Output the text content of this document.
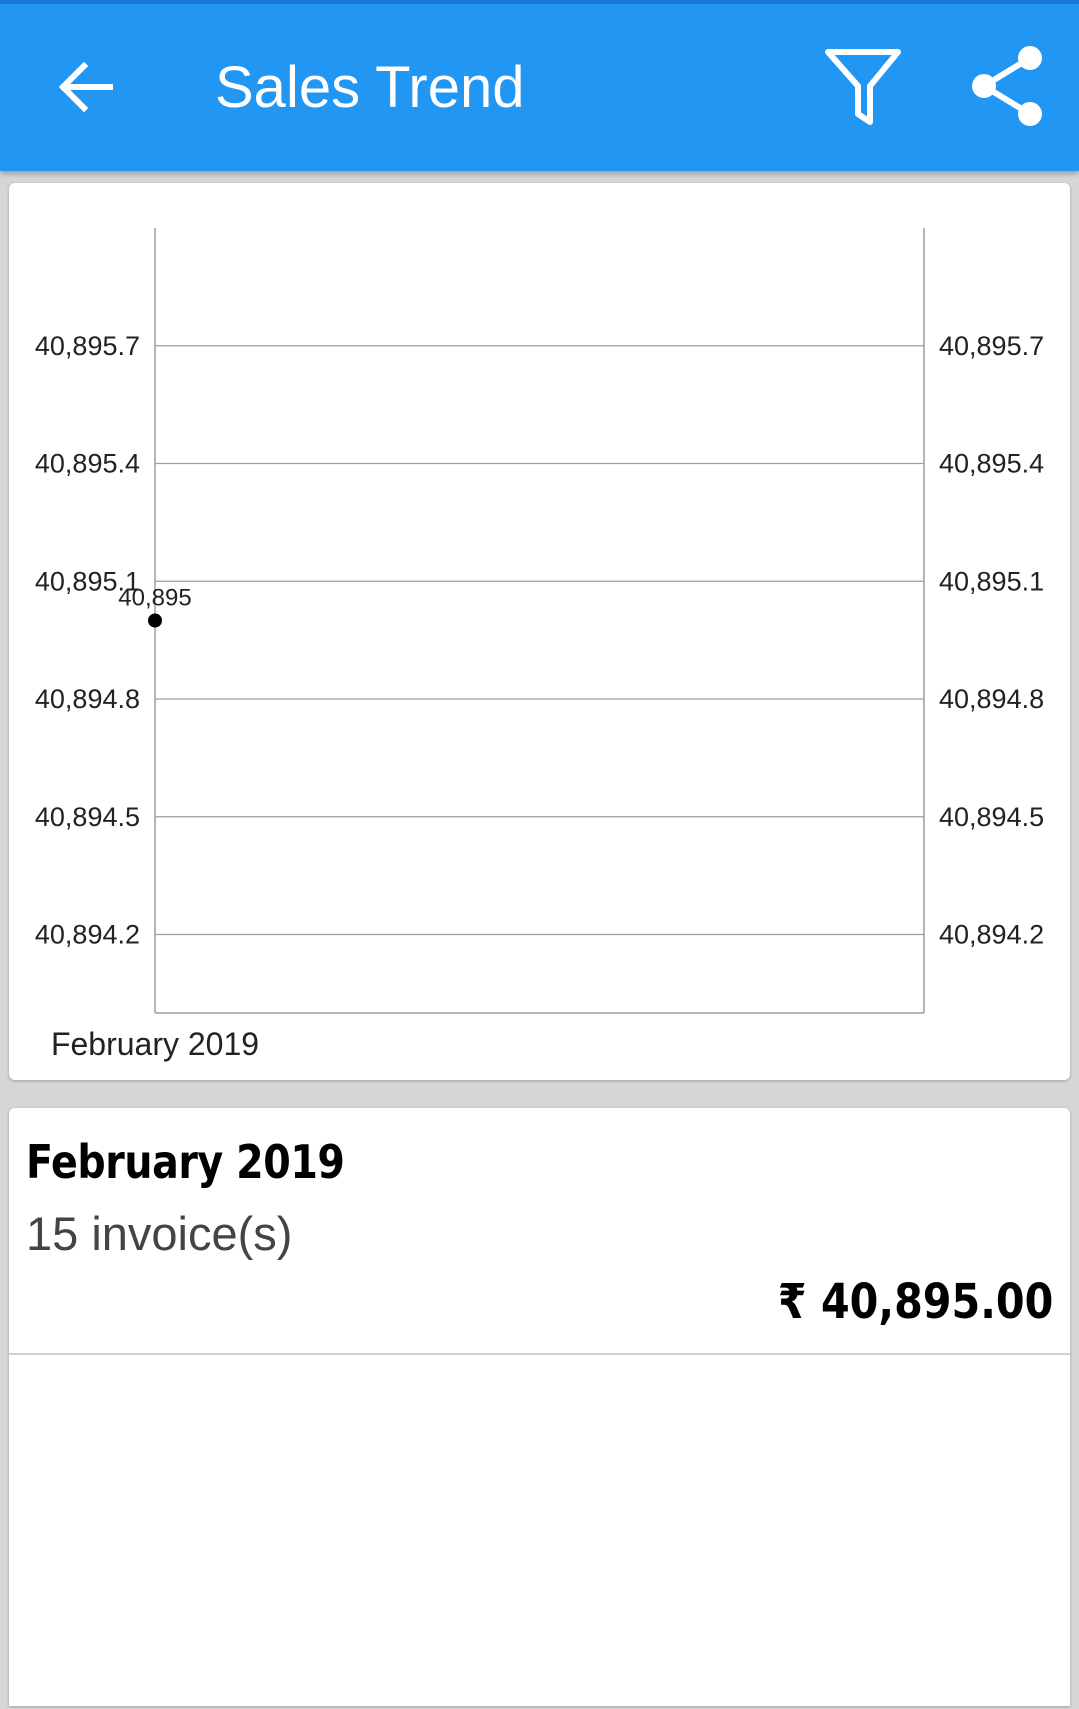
Sales Trend
40,894.2	40,894.2
40,894.5	40,894.5
40,894.8	40,894.8
40,895.1	40,895.1
40,895.4	40,895.4
40,895.7	40,895.7
February 2019
40,895
February 2019
15 invoice(s)
₹ 40,895.00
